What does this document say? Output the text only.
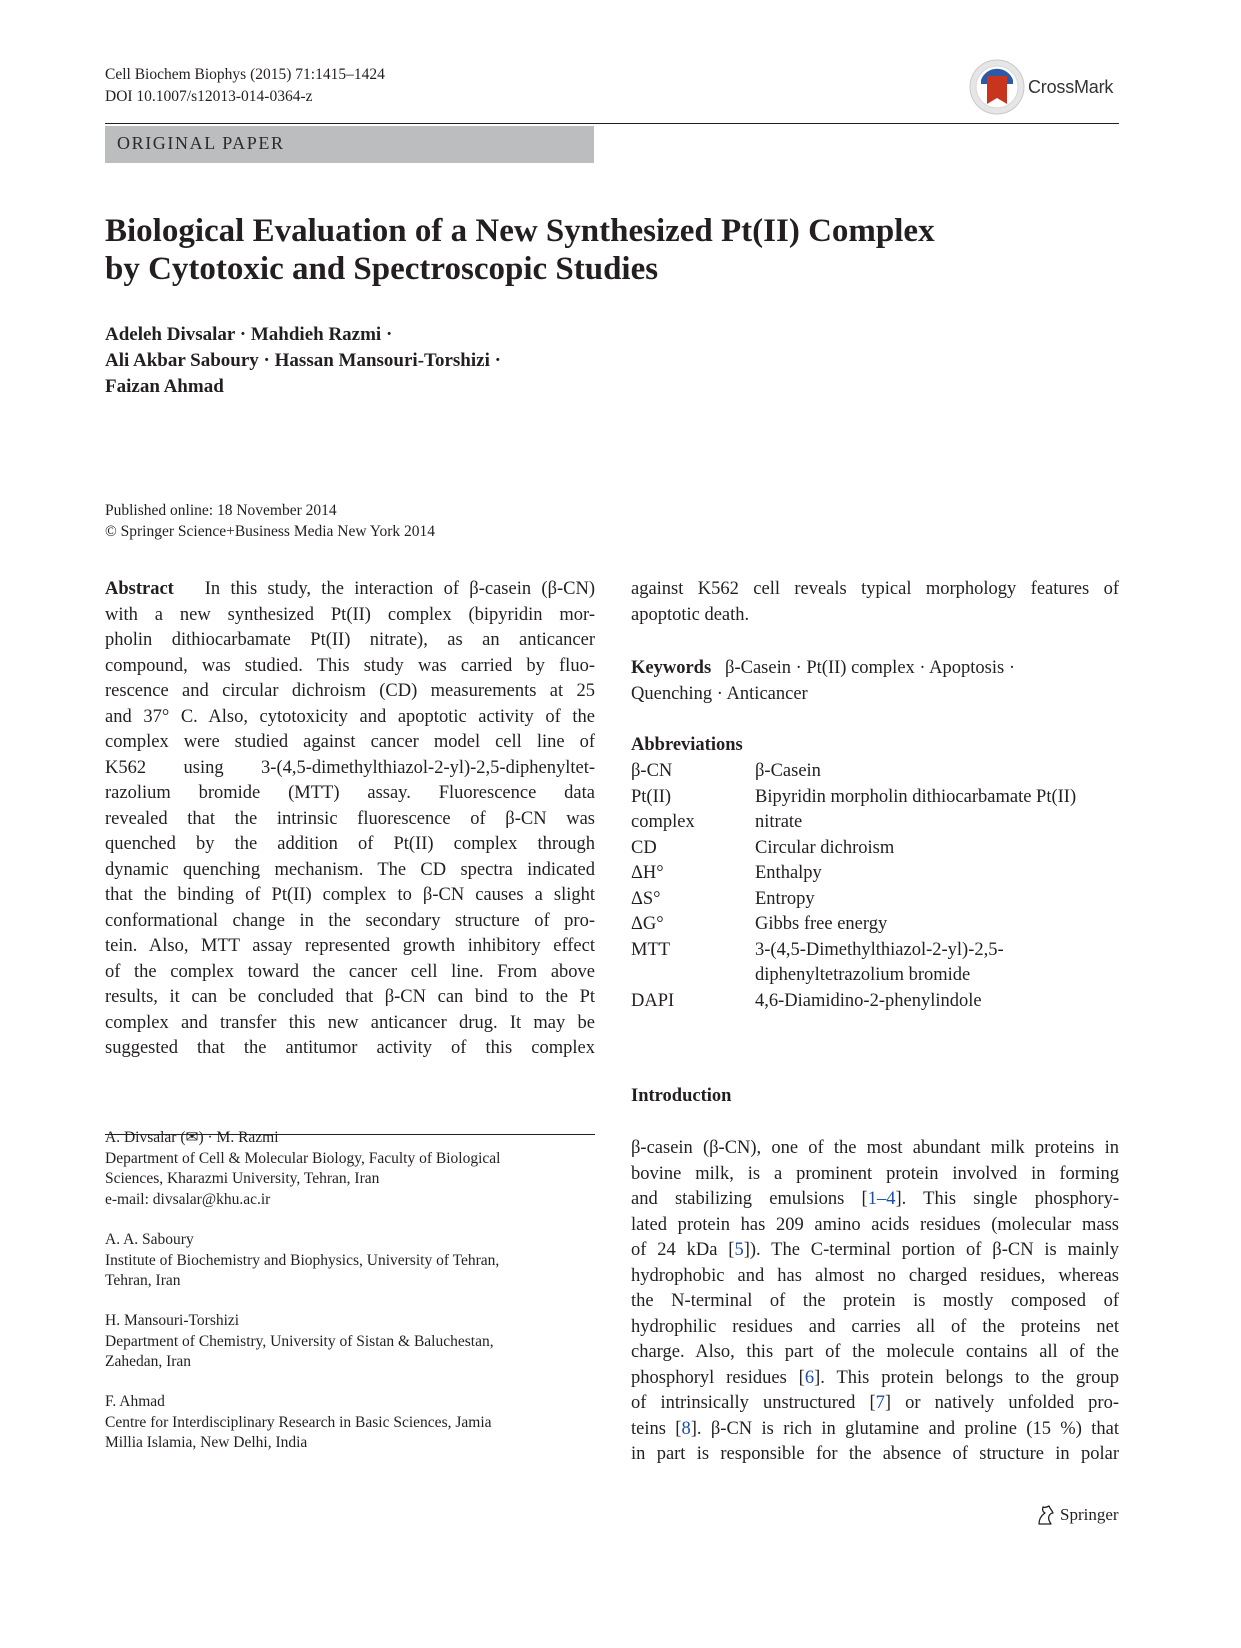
Cell Biochem Biophys (2015) 71:1415–1424
DOI 10.1007/s12013-014-0364-z	CrossMark
ORIGINAL PAPER
Biological Evaluation of a New Synthesized Pt(II) Complex
by Cytotoxic and Spectroscopic Studies
Adeleh Divsalar · Mahdieh Razmi ·
Ali Akbar Saboury · Hassan Mansouri-Torshizi ·
Faizan Ahmad
Published online: 18 November 2014
© Springer Science+Business Media New York 2014
Abstract In this study, the interaction of β-casein (β-CN)
with a new synthesized Pt(II) complex (bipyridin mor-
pholin dithiocarbamate Pt(II) nitrate), as an anticancer
compound, was studied. This study was carried by fluo-
rescence and circular dichroism (CD) measurements at 25
and 37° C. Also, cytotoxicity and apoptotic activity of the
complex were studied against cancer model cell line of
K562 using 3-(4,5-dimethylthiazol-2-yl)-2,5-diphenyltet-
razolium bromide (MTT) assay. Fluorescence data
revealed that the intrinsic fluorescence of β-CN was
quenched by the addition of Pt(II) complex through
dynamic quenching mechanism. The CD spectra indicated
that the binding of Pt(II) complex to β-CN causes a slight
conformational change in the secondary structure of pro-
tein. Also, MTT assay represented growth inhibitory effect
of the complex toward the cancer cell line. From above
results, it can be concluded that β-CN can bind to the Pt
complex and transfer this new anticancer drug. It may be
suggested that the antitumor activity of this complex
against K562 cell reveals typical morphology features of
apoptotic death.
Keywords β-Casein · Pt(II) complex · Apoptosis ·
Quenching · Anticancer
Abbreviations
β-CN	β-Casein
Pt(II)	Bipyridin morpholin dithiocarbamate Pt(II)
complex	nitrate
CD	Circular dichroism
ΔH°	Enthalpy
ΔS°	Entropy
ΔG°	Gibbs free energy
MTT	3-(4,5-Dimethylthiazol-2-yl)-2,5-
	diphenyltetrazolium bromide
DAPI	4,6-Diamidino-2-phenylindole
Introduction
β-casein (β-CN), one of the most abundant milk proteins in
bovine milk, is a prominent protein involved in forming
and stabilizing emulsions [1–4]. This single phosphory-
lated protein has 209 amino acids residues (molecular mass
of 24 kDa [5]). The C-terminal portion of β-CN is mainly
hydrophobic and has almost no charged residues, whereas
the N-terminal of the protein is mostly composed of
hydrophilic residues and carries all of the proteins net
charge. Also, this part of the molecule contains all of the
phosphoryl residues [6]. This protein belongs to the group
of intrinsically unstructured [7] or natively unfolded pro-
teins [8]. β-CN is rich in glutamine and proline (15 %) that
in part is responsible for the absence of structure in polar
A. Divsalar (✉) · M. Razmi
Department of Cell & Molecular Biology, Faculty of Biological
Sciences, Kharazmi University, Tehran, Iran
e-mail: divsalar@khu.ac.ir
A. A. Saboury
Institute of Biochemistry and Biophysics, University of Tehran,
Tehran, Iran
H. Mansouri-Torshizi
Department of Chemistry, University of Sistan & Baluchestan,
Zahedan, Iran
F. Ahmad
Centre for Interdisciplinary Research in Basic Sciences, Jamia
Millia Islamia, New Delhi, India
Springer
